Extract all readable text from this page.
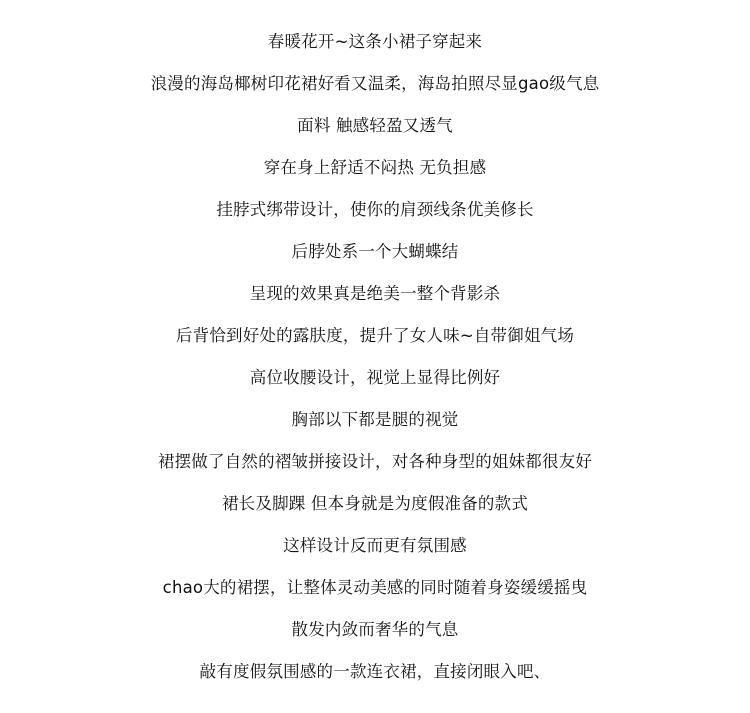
春暖花开~这条小裙子穿起来
浪漫的海岛椰树印花裙好看又温柔，海岛拍照尽显gao级气息
面料 触感轻盈又透气
穿在身上舒适不闷热 无负担感
挂脖式绑带设计，使你的肩颈线条优美修长
后脖处系一个大蝴蝶结
呈现的效果真是绝美一整个背影杀
后背恰到好处的露肤度，提升了女人味~自带御姐气场
高位收腰设计，视觉上显得比例好
胸部以下都是腿的视觉
裙摆做了自然的褶皱拼接设计，对各种身型的姐妹都很友好
裙长及脚踝 但本身就是为度假准备的款式
这样设计反而更有氛围感
chao大的裙摆，让整体灵动美感的同时随着身姿缓缓摇曳
散发内敛而奢华的气息
敲有度假氛围感的一款连衣裙，直接闭眼入吧、
